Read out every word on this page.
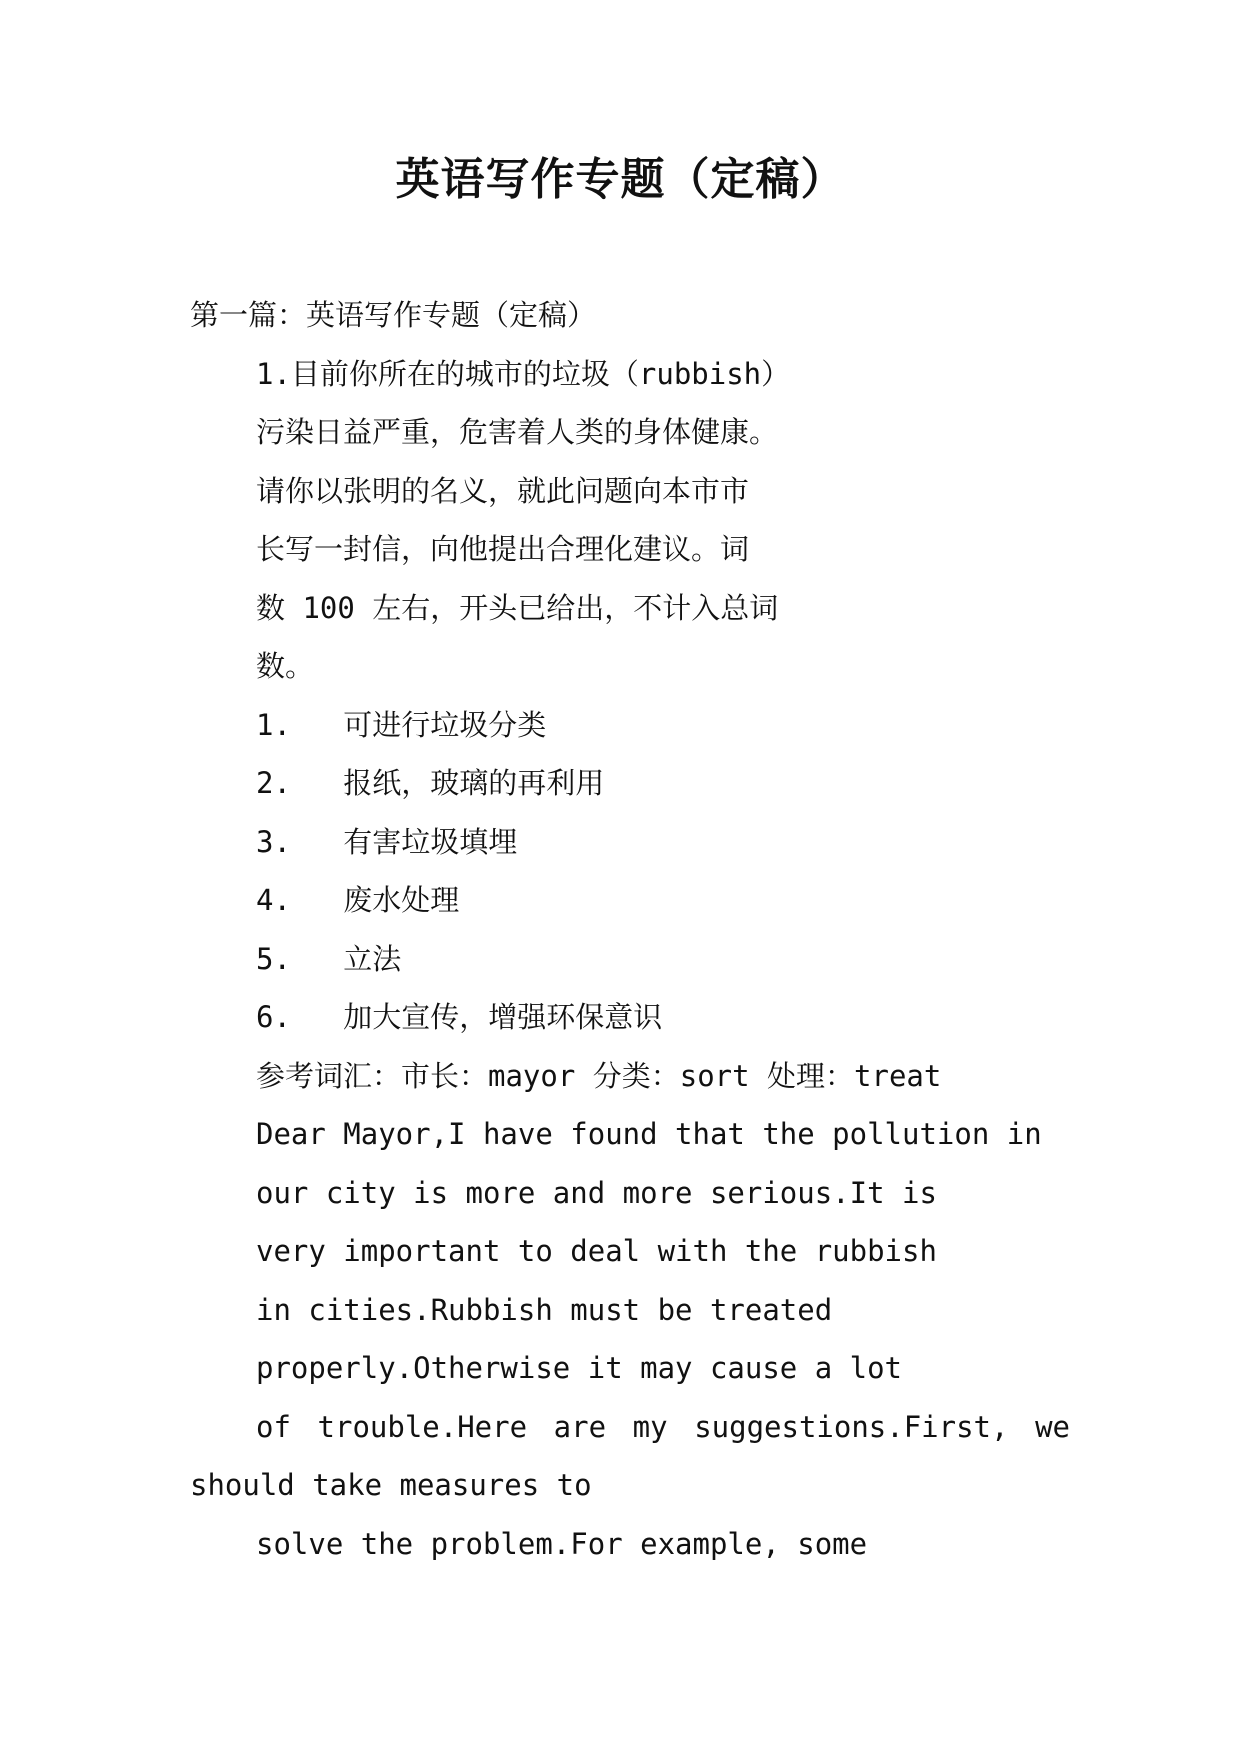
英语写作专题（定稿）
第一篇：英语写作专题（定稿）
1.目前你所在的城市的垃圾（rubbish）
污染日益严重，危害着人类的身体健康。
请你以张明的名义，就此问题向本市市
长写一封信，向他提出合理化建议。词
数 100 左右，开头已给出，不计入总词
数。
1.   可进行垃圾分类
2.   报纸，玻璃的再利用
3.   有害垃圾填埋
4.   废水处理
5.   立法
6.   加大宣传，增强环保意识
参考词汇：市长：mayor 分类：sort 处理：treat
Dear Mayor,I have found that the pollution in
our city is more and more serious.It is
very important to deal with the rubbish
in cities.Rubbish must be treated
properly.Otherwise it may cause a lot
of trouble.Here are my suggestions.First, we
should take measures to
solve the problem.For example, some
